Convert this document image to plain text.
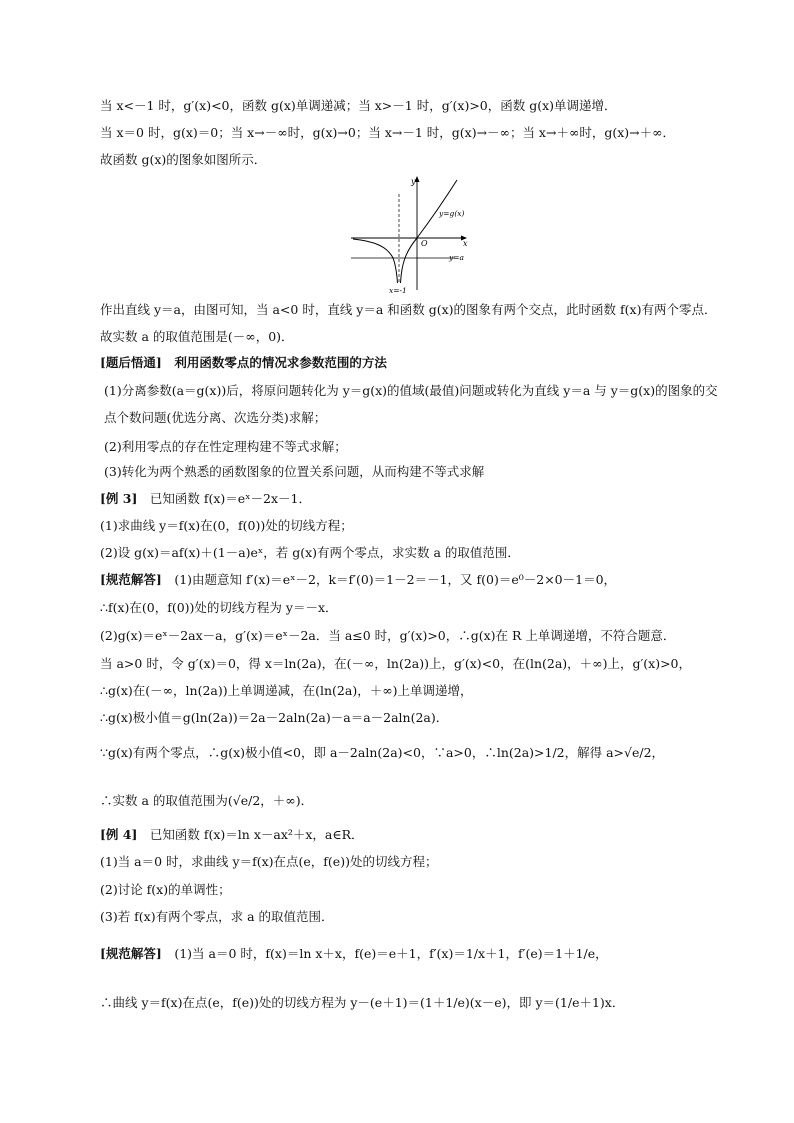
当 x<－1 时，g′(x)<0，函数 g(x)单调递减；当 x>－1 时，g′(x)>0，函数 g(x)单调递增．
当 x＝0 时，g(x)＝0；当 x→－∞时，g(x)→0；当 x→－1 时，g(x)→－∞；当 x→＋∞时，g(x)→＋∞．
故函数 g(x)的图象如图所示．
y
x
O
y=g(x)
y=a
x=-1
作出直线 y＝a，由图可知，当 a<0 时，直线 y＝a 和函数 g(x)的图象有两个交点，此时函数 f(x)有两个零点．故实数 a 的取值范围是(－∞，0)．
[题后悟通]　利用函数零点的情况求参数范围的方法
(1)分离参数(a＝g(x))后，将原问题转化为 y＝g(x)的值域(最值)问题或转化为直线 y＝a 与 y＝g(x)的图象的交点个数问题(优选分离、次选分类)求解；
(2)利用零点的存在性定理构建不等式求解；
(3)转化为两个熟悉的函数图象的位置关系问题，从而构建不等式求解
[例 3]　已知函数 f(x)＝eˣ－2x－1．
(1)求曲线 y＝f(x)在(0，f(0))处的切线方程；
(2)设 g(x)＝af(x)＋(1－a)eˣ，若 g(x)有两个零点，求实数 a 的取值范围．
[规范解答]　(1)由题意知 f′(x)＝eˣ－2，k＝f′(0)＝1－2＝－1，又 f(0)＝e⁰－2×0－1＝0，
∴f(x)在(0，f(0))处的切线方程为 y＝－x．
(2)g(x)＝eˣ－2ax－a，g′(x)＝eˣ－2a．当 a≤0 时，g′(x)>0，∴g(x)在 R 上单调递增，不符合题意．
当 a>0 时，令 g′(x)＝0，得 x＝ln(2a)，在(－∞，ln(2a))上，g′(x)<0，在(ln(2a)，＋∞)上，g′(x)>0，
∴g(x)在(－∞，ln(2a))上单调递减，在(ln(2a)，＋∞)上单调递增，
∴g(x)极小值＝g(ln(2a))＝2a－2aln(2a)－a＝a－2aln(2a)．
∵g(x)有两个零点，∴g(x)极小值<0，即 a－2aln(2a)<0，∵a>0，∴ln(2a)>1/2，解得 a>√e/2，
∴实数 a 的取值范围为(√e/2，＋∞)．
[例 4]　已知函数 f(x)＝ln x－ax²＋x，a∈R．
(1)当 a＝0 时，求曲线 y＝f(x)在点(e，f(e))处的切线方程；
(2)讨论 f(x)的单调性；
(3)若 f(x)有两个零点，求 a 的取值范围．
[规范解答]　(1)当 a＝0 时，f(x)＝ln x＋x，f(e)＝e＋1，f′(x)＝1/x＋1，f′(e)＝1＋1/e，
∴曲线 y＝f(x)在点(e，f(e))处的切线方程为 y－(e＋1)＝(1＋1/e)(x－e)，即 y＝(1/e＋1)x．
